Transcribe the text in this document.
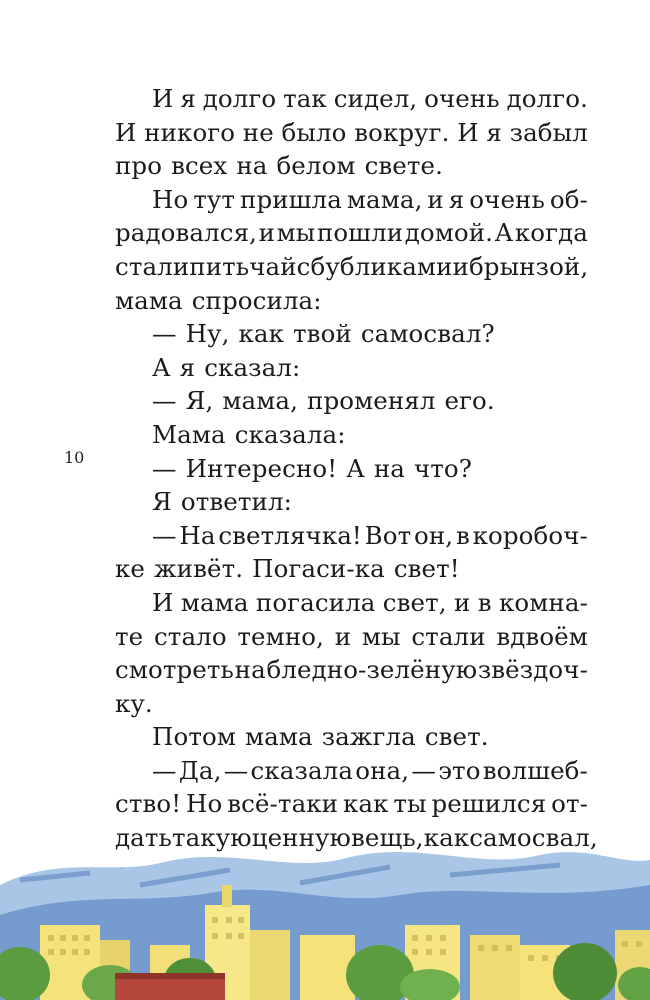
И я долго так сидел, очень долго.
И никого не было вокруг. И я забыл
про всех на белом свете.
Но тут пришла мама, и я очень об-
радовался, и мы пошли домой. А когда
стали пить чай с бубликами и брынзой,
мама спросила:
— Ну, как твой самосвал?
А я сказал:
— Я, мама, променял его.
Мама сказала:
— Интересно! А на что?
Я ответил:
— На светлячка! Вот он, в коробоч-
ке живёт. Погаси-ка свет!
И мама погасила свет, и в комна-
те стало темно, и мы стали вдвоём
смотреть на бледно-зелёную звёздоч-
ку.
Потом мама зажгла свет.
— Да, — сказала она, — это волшеб-
ство! Но всё-таки как ты решился от-
дать такую ценную вещь, как самосвал,
10
